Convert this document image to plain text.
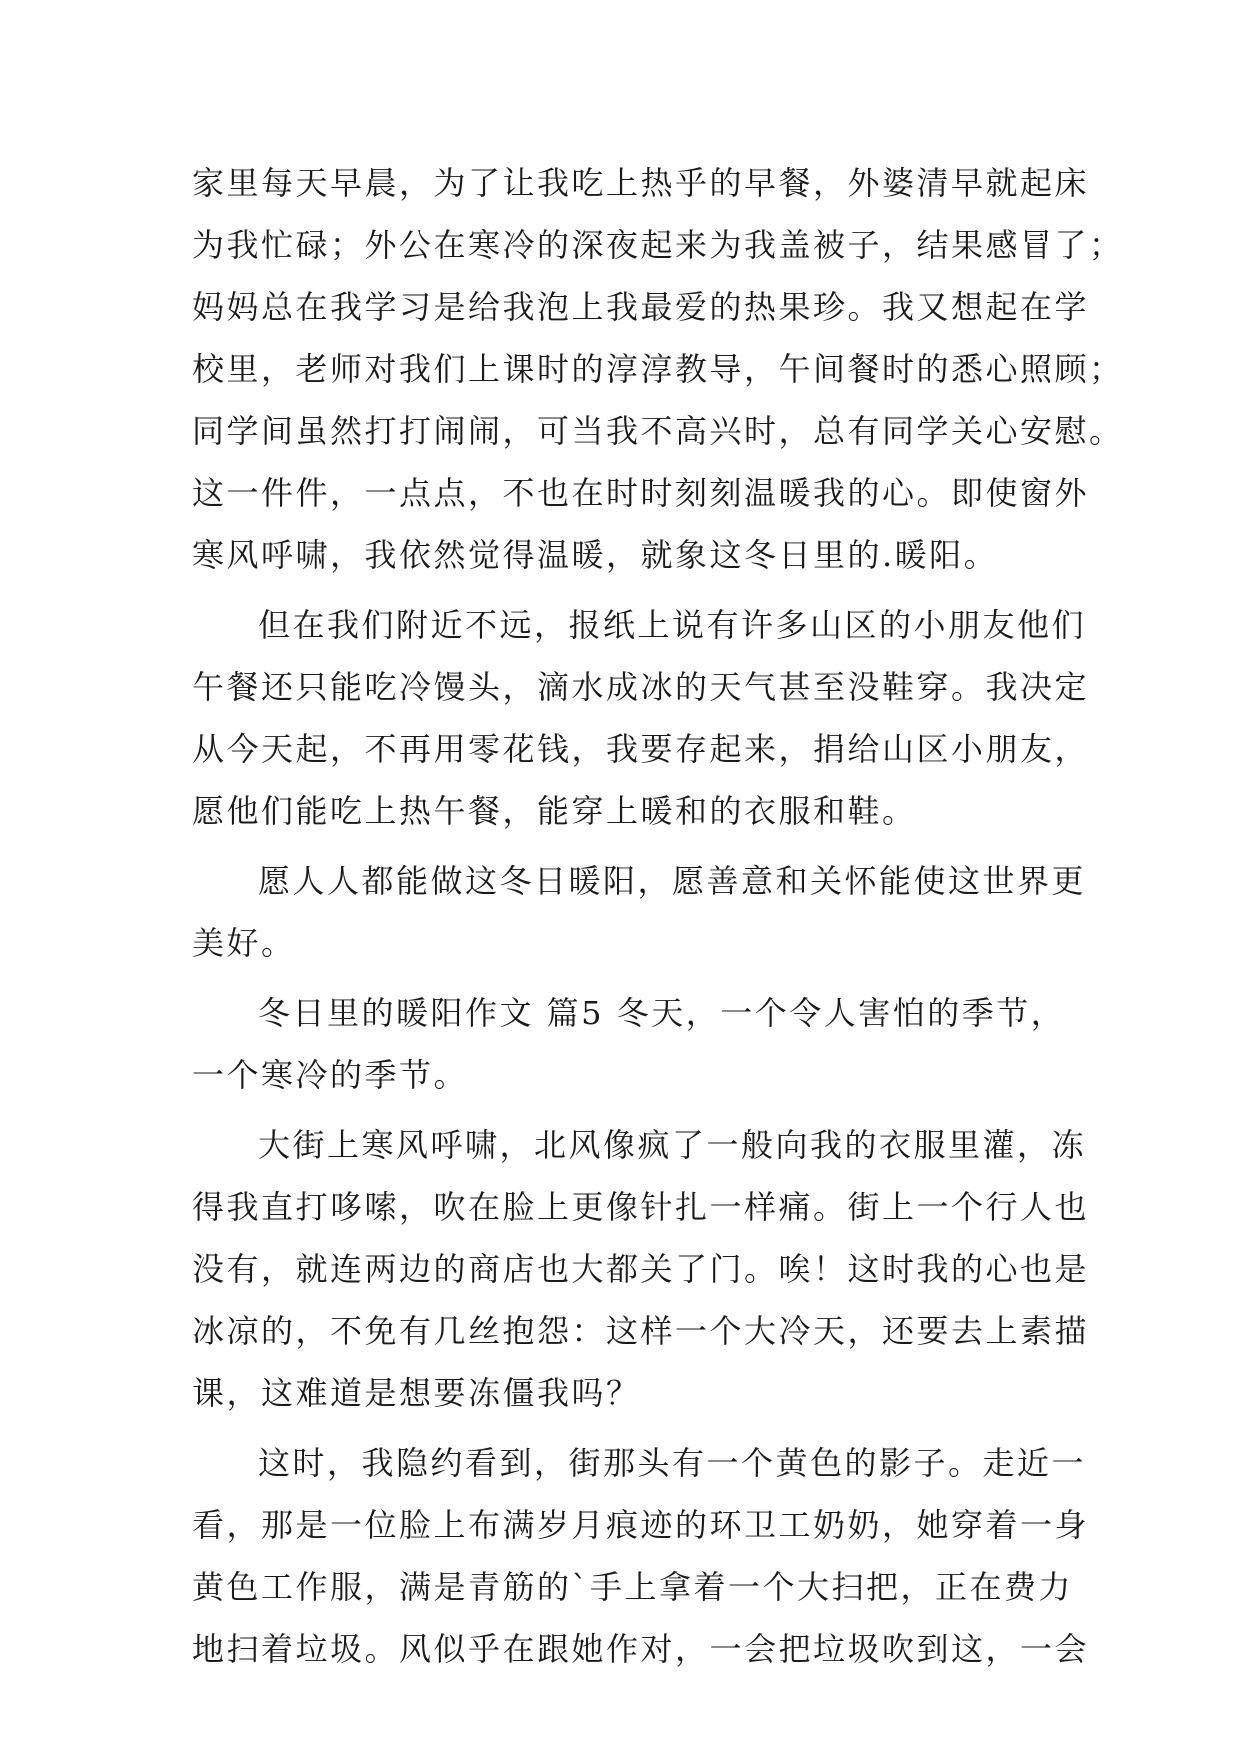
家里每天早晨，为了让我吃上热乎的早餐，外婆清早就起床
为我忙碌；外公在寒冷的深夜起来为我盖被子，结果感冒了；
妈妈总在我学习是给我泡上我最爱的热果珍。我又想起在学
校里，老师对我们上课时的淳淳教导，午间餐时的悉心照顾；
同学间虽然打打闹闹，可当我不高兴时，总有同学关心安慰。
这一件件，一点点，不也在时时刻刻温暖我的心。即使窗外
寒风呼啸，我依然觉得温暖，就象这冬日里的.暖阳。
但在我们附近不远，报纸上说有许多山区的小朋友他们
午餐还只能吃冷馒头，滴水成冰的天气甚至没鞋穿。我决定
从今天起，不再用零花钱，我要存起来，捐给山区小朋友，
愿他们能吃上热午餐，能穿上暖和的衣服和鞋。
愿人人都能做这冬日暖阳，愿善意和关怀能使这世界更
美好。
冬日里的暖阳作文 篇5 冬天，一个令人害怕的季节，
一个寒冷的季节。
大街上寒风呼啸，北风像疯了一般向我的衣服里灌，冻
得我直打哆嗦，吹在脸上更像针扎一样痛。街上一个行人也
没有，就连两边的商店也大都关了门。唉！这时我的心也是
冰凉的，不免有几丝抱怨：这样一个大冷天，还要去上素描
课，这难道是想要冻僵我吗？
这时，我隐约看到，街那头有一个黄色的影子。走近一
看，那是一位脸上布满岁月痕迹的环卫工奶奶，她穿着一身
黄色工作服，满是青筋的`手上拿着一个大扫把，正在费力
地扫着垃圾。风似乎在跟她作对，一会把垃圾吹到这，一会
